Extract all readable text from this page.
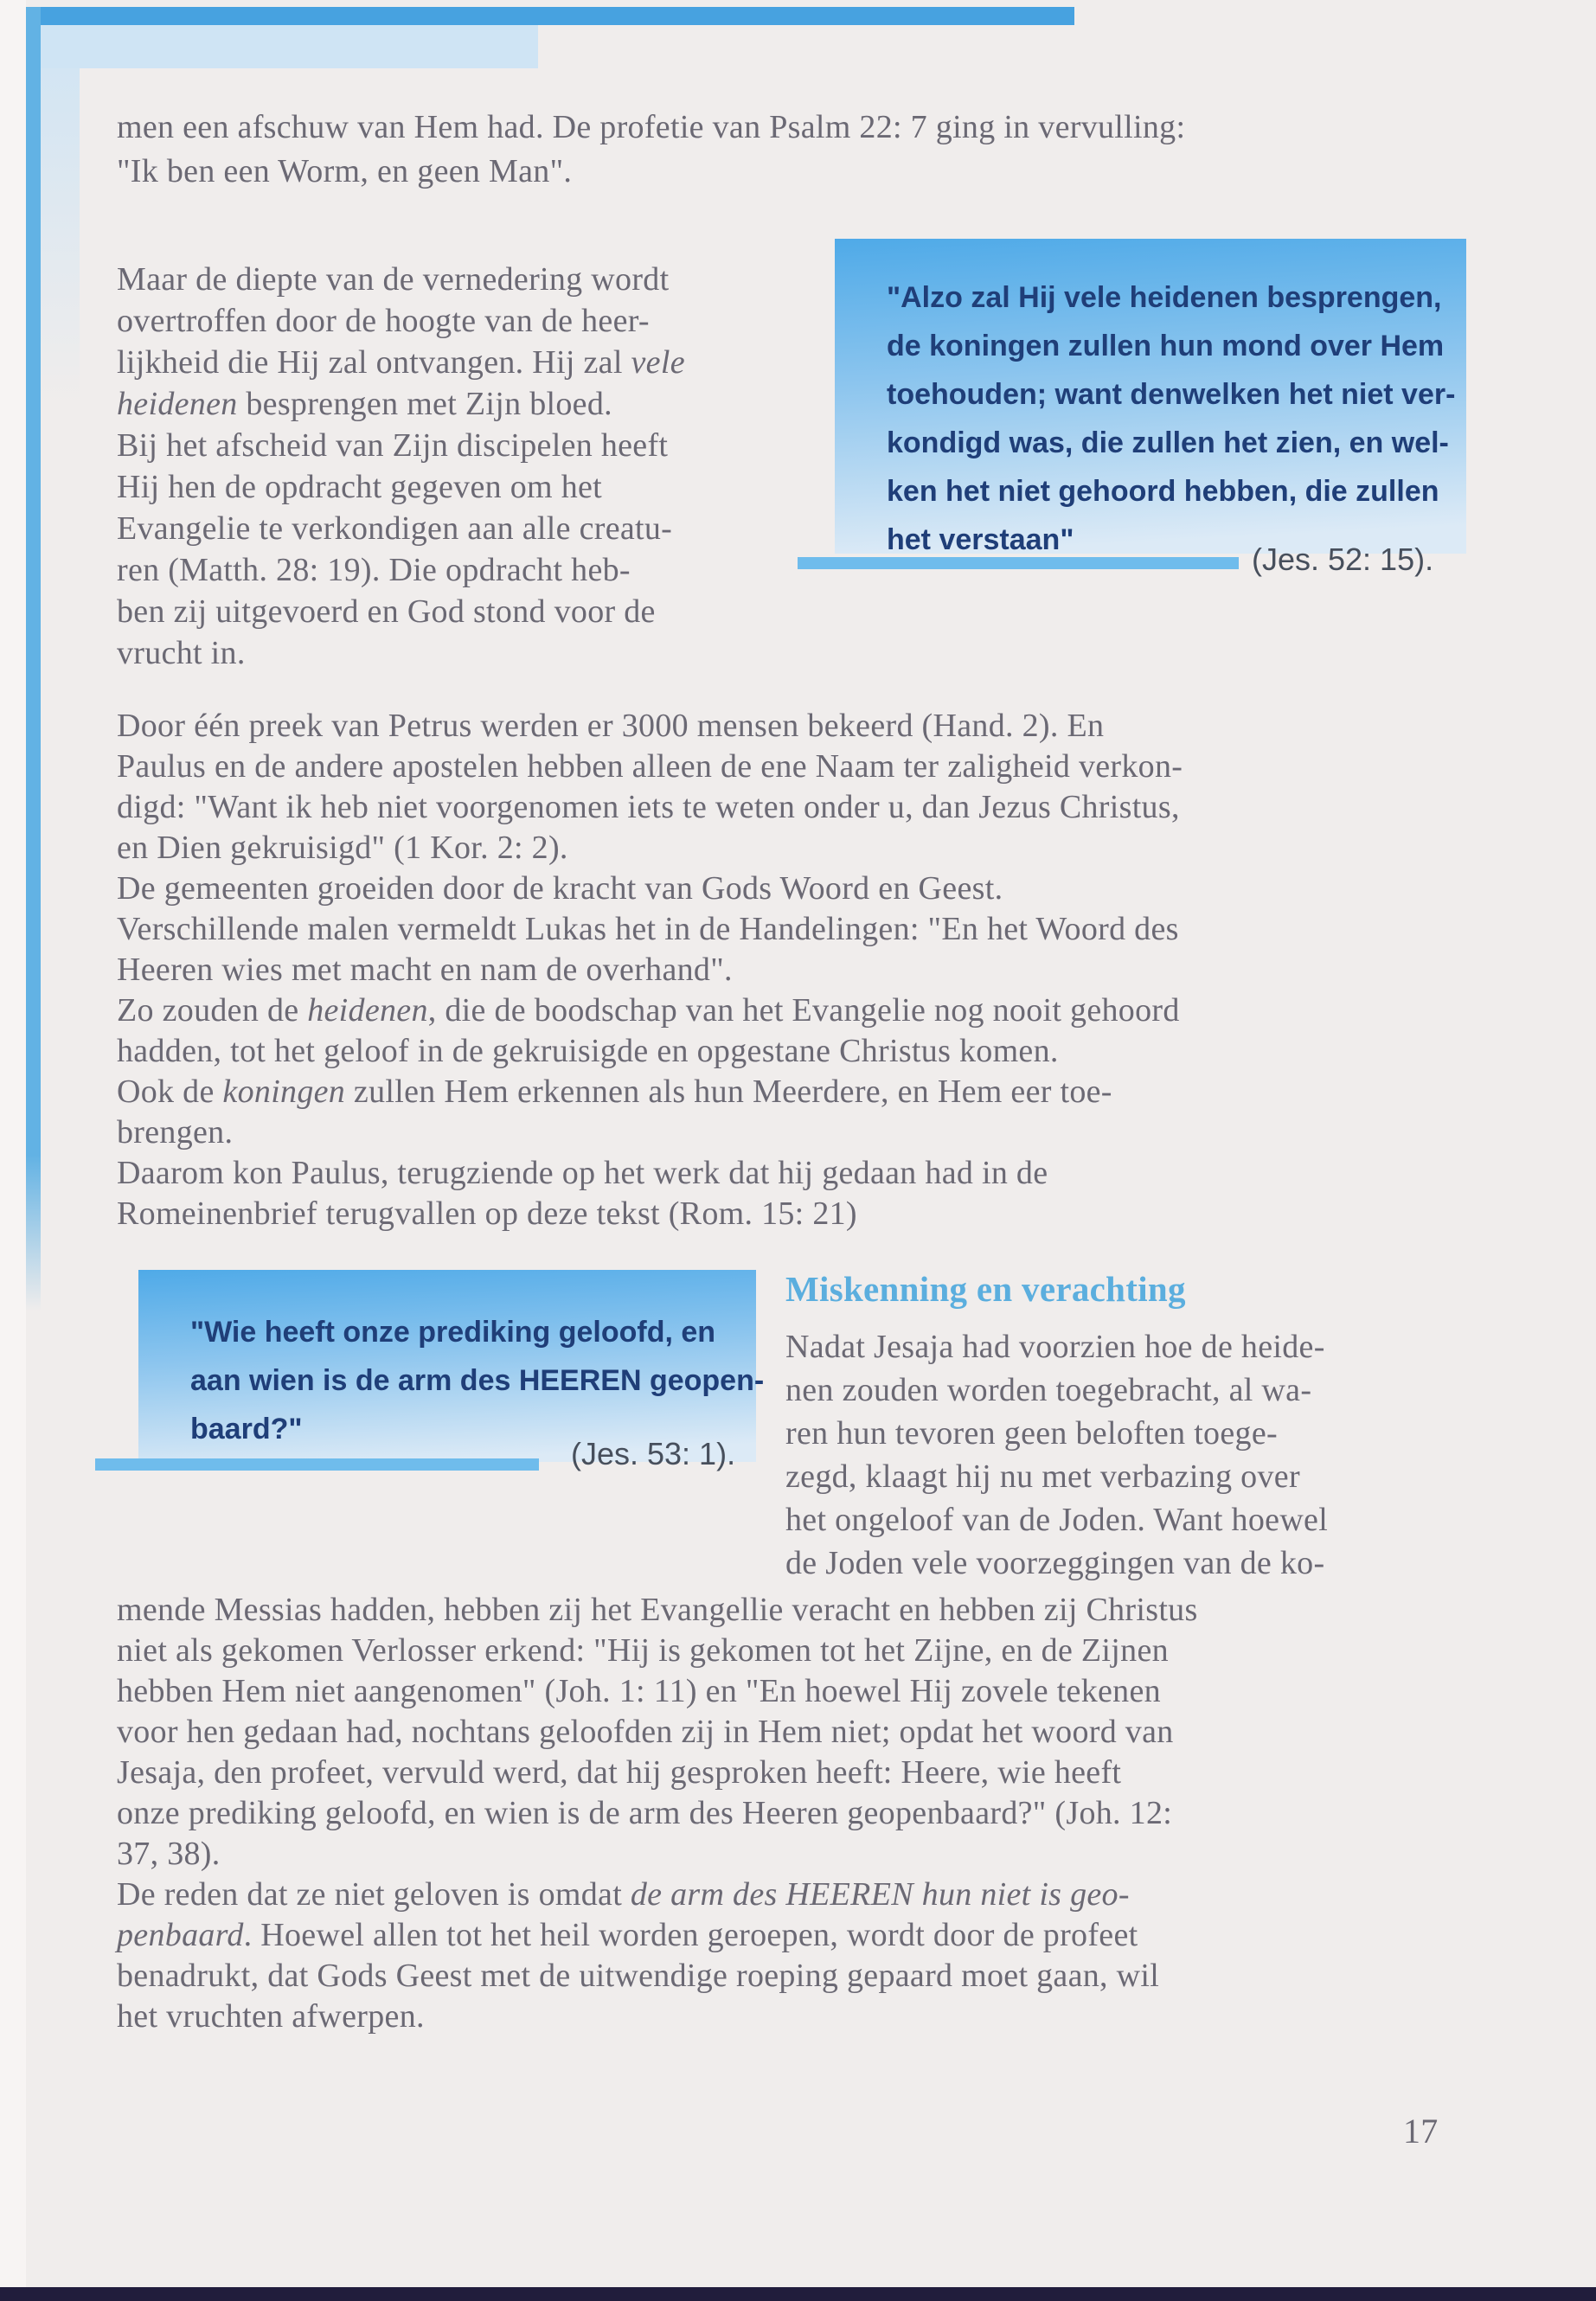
men een afschuw van Hem had. De profetie van Psalm 22: 7 ging in vervulling:
"Ik ben een Worm, en geen Man".
Maar de diepte van de vernedering wordt
overtroffen door de hoogte van de heer-
lijkheid die Hij zal ontvangen. Hij zal vele
heidenen besprengen met Zijn bloed.
Bij het afscheid van Zijn discipelen heeft
Hij hen de opdracht gegeven om het
Evangelie te verkondigen aan alle creatu-
ren (Matth. 28: 19). Die opdracht heb-
ben zij uitgevoerd en God stond voor de
vrucht in.
"Alzo zal Hij vele heidenen besprengen,
de koningen zullen hun mond over Hem
toehouden; want denwelken het niet ver-
kondigd was, die zullen het zien, en wel-
ken het niet gehoord hebben, die zullen
het verstaan"
(Jes. 52: 15).
Door één preek van Petrus werden er 3000 mensen bekeerd (Hand. 2). En
Paulus en de andere apostelen hebben alleen de ene Naam ter zaligheid verkon-
digd: "Want ik heb niet voorgenomen iets te weten onder u, dan Jezus Christus,
en Dien gekruisigd" (1 Kor. 2: 2).
De gemeenten groeiden door de kracht van Gods Woord en Geest.
Verschillende malen vermeldt Lukas het in de Handelingen: "En het Woord des
Heeren wies met macht en nam de overhand".
Zo zouden de heidenen, die de boodschap van het Evangelie nog nooit gehoord
hadden, tot het geloof in de gekruisigde en opgestane Christus komen.
Ook de koningen zullen Hem erkennen als hun Meerdere, en Hem eer toe-
brengen.
Daarom kon Paulus, terugziende op het werk dat hij gedaan had in de
Romeinenbrief terugvallen op deze tekst (Rom. 15: 21)
"Wie heeft onze prediking geloofd, en
aan wien is de arm des HEEREN geopen-
baard?"
(Jes. 53: 1).
Miskenning en verachting
Nadat Jesaja had voorzien hoe de heide-
nen zouden worden toegebracht, al wa-
ren hun tevoren geen beloften toege-
zegd, klaagt hij nu met verbazing over
het ongeloof van de Joden. Want hoewel
de Joden vele voorzeggingen van de ko-
mende Messias hadden, hebben zij het Evangellie veracht en hebben zij Christus
niet als gekomen Verlosser erkend: "Hij is gekomen tot het Zijne, en de Zijnen
hebben Hem niet aangenomen" (Joh. 1: 11) en "En hoewel Hij zovele tekenen
voor hen gedaan had, nochtans geloofden zij in Hem niet; opdat het woord van
Jesaja, den profeet, vervuld werd, dat hij gesproken heeft: Heere, wie heeft
onze prediking geloofd, en wien is de arm des Heeren geopenbaard?" (Joh. 12:
37, 38).
De reden dat ze niet geloven is omdat de arm des HEEREN hun niet is geo-
penbaard. Hoewel allen tot het heil worden geroepen, wordt door de profeet
benadrukt, dat Gods Geest met de uitwendige roeping gepaard moet gaan, wil
het vruchten afwerpen.
17
